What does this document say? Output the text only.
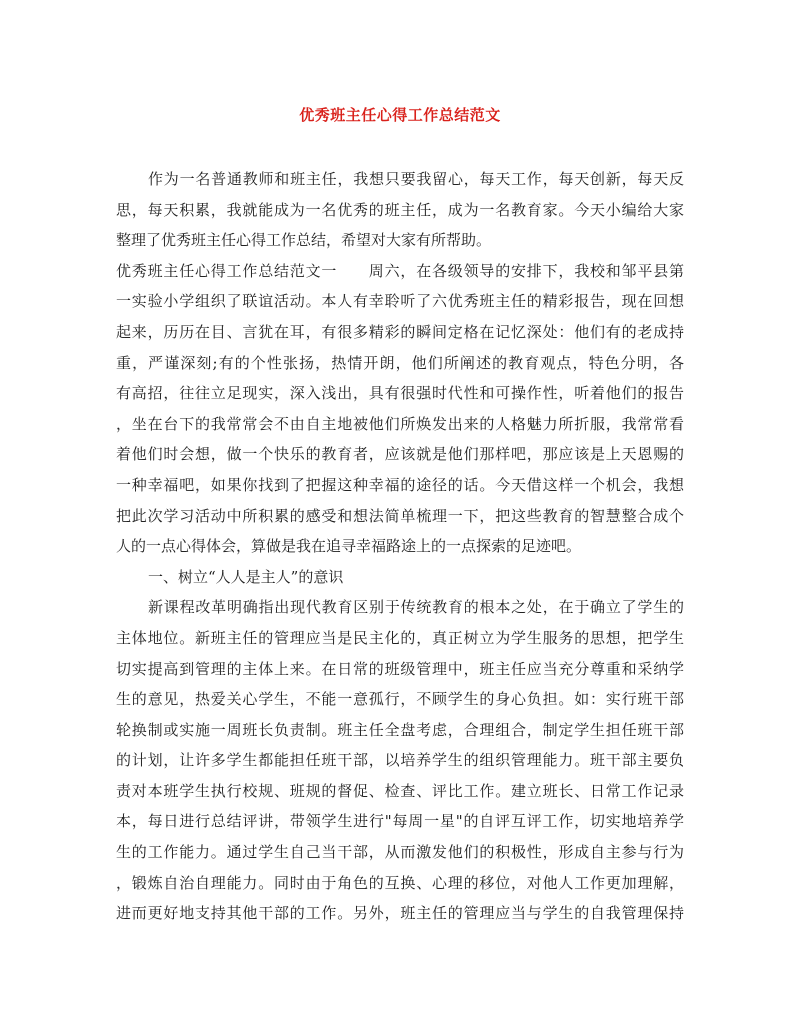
优秀班主任心得工作总结范文
作为一名普通教师和班主任，我想只要我留心，每天工作，每天创新，每天反
思，每天积累，我就能成为一名优秀的班主任，成为一名教育家。今天小编给大家
整理了优秀班主任心得工作总结，希望对大家有所帮助。
优秀班主任心得工作总结范文一　　周六，在各级领导的安排下，我校和邹平县第
一实验小学组织了联谊活动。本人有幸聆听了六优秀班主任的精彩报告，现在回想
起来，历历在目、言犹在耳，有很多精彩的瞬间定格在记忆深处：他们有的老成持
重，严谨深刻;有的个性张扬，热情开朗，他们所阐述的教育观点，特色分明，各
有高招，往往立足现实，深入浅出，具有很强时代性和可操作性，听着他们的报告
，坐在台下的我常常会不由自主地被他们所焕发出来的人格魅力所折服，我常常看
着他们时会想，做一个快乐的教育者，应该就是他们那样吧，那应该是上天恩赐的
一种幸福吧，如果你找到了把握这种幸福的途径的话。今天借这样一个机会，我想
把此次学习活动中所积累的感受和想法简单梳理一下，把这些教育的智慧整合成个
人的一点心得体会，算做是我在追寻幸福路途上的一点探索的足迹吧。
一、树立“人人是主人”的意识
新课程改革明确指出现代教育区别于传统教育的根本之处，在于确立了学生的
主体地位。新班主任的管理应当是民主化的，真正树立为学生服务的思想，把学生
切实提高到管理的主体上来。在日常的班级管理中，班主任应当充分尊重和采纳学
生的意见，热爱关心学生，不能一意孤行，不顾学生的身心负担。如：实行班干部
轮换制或实施一周班长负责制。班主任全盘考虑，合理组合，制定学生担任班干部
的计划，让许多学生都能担任班干部，以培养学生的组织管理能力。班干部主要负
责对本班学生执行校规、班规的督促、检查、评比工作。建立班长、日常工作记录
本，每日进行总结评讲，带领学生进行"每周一星"的自评互评工作，切实地培养学
生的工作能力。通过学生自己当干部，从而激发他们的积极性，形成自主参与行为
，锻炼自治自理能力。同时由于角色的互换、心理的移位，对他人工作更加理解，
进而更好地支持其他干部的工作。另外，班主任的管理应当与学生的自我管理保持
